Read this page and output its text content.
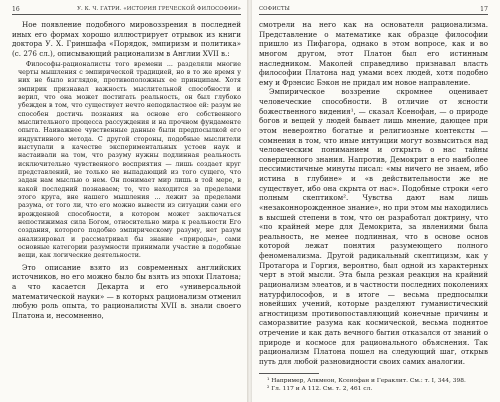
16	У. К. Ч. ГАТРИ. «ИСТОРИЯ ГРЕЧЕСКОЙ ФИЛОСОФИИ»

Ное появление подобного мировоззрения в последней иных его формах хорошо иллюстрирует отрывок из книги доктора У. Х. Гриншафа «Порядок, эмпиризм и политика» (с. 276 сл.), описывающий рационализм в Англии XVII в.:

Философы-рационалисты того времени ... разделяли многие черты мышления с эмпирической традицией, но в то же время у них не было взглядов, противоположных ее принципам. Хотя эмпирик признавал важность мыслительной способности и верил, что она может постигать реальность, он был глубоко убежден в том, что существует нечто неподвластное ей: разум не способен достичь познания на основе его собственного мыслительного процесса рассуждения и на прочном фундаменте опыта. Наиважнее чувственные данные были предпосылкой его индуктивного метода. С другой стороны, подобные мыслители выступали в качестве экспериментальных устоев наук и настаивали на том, что разуму нужны подлинная реальность исключительно чувственного восприятия — лишь создает круг представлений, не только не выпадающий из того сущего, что задан нам мыслью о нем. Он понимает мир лишь в той мере, в какой последний познаваем; то, что находится за пределами этого круга, вне нашего мышления ... лежит за пределами разума, от того ли, что его можно вывести из ситуации сами его врожденной способности, в котором может заключаться непостижимая сила Богом, относительно мира к реальности Его создания, которого подобно эмпирическому разуму, нет разум анализировал и рассматривал бы знание «природы», сами основные категории разумности принимали участие в подобные вещи, как логические деятельности.

Это описание взято из современных английских источников, но его можно было бы взять из эпохи Платона; а что касается Декарта и его «универсальной математической науки» — в которых рационализм отменил любую роль опыта, то рационалисты XVII в. знали своего Платона и, несомненно,

СОФИСТЫ	17

смотрели на него как на основателя рационализма. Представление о математике как образце философии пришло из Пифагора, однако в этом вопросе, как и во многом другом, этот Платон был его истинным наследником. Маколей справедливо признавал власть философии Платона над умами всех людей, хотя подобно ему и Фрэнсис Бэкон не придал им новое направление.

Эмпирическое воззрение скромнее оценивает человеческие способности. В отличие от ясности божественного видения¹, — сказал Ксенофан, — о природе богов и вещей у людей бывает лишь мнение, дающее при этом невероятно богатые и религиозные контексты — сомнения в том, что иные интуиции могут возвыситься над человеческим пониманием и открыть о нас тайны совершенного знания. Напротив, Демокрит в его наиболее пессимистичные минуты писал: «мы ничего не знаем, ибо истина в глубине» и «в действительности же не существует, ибо она скрыта от нас». Подобные строки «его полным скептиком². Чувства дают нам лишь «незаконнорожденное знание», но при этом мы находились в высшей степени в том, что он разработал доктрину, что «по крайней мере для Демокрита, за явлениями была реальность, не менее подлинная, что в основе основ которой лежат понятия разумеющего полного феноменализма. Другой радикальный скептицизм, как у Протагора и Горгия, вероятно, был одной из характерных черт в этой мысли. Эта была резкая реакция на крайний рационализм элеатов, и в частности последних поколениях натурфилософов, и в итоге — весьма предпосылки новейших учений, которые разделяют гуманистический агностицизм противопоставляющий конечные причины и саморазвитие разума как космической, весьма поднятое отречение и как дать вечного бытия отказался от знаний о природе и космосе для рационального объяснения. Так рационализм Платона пошел на следующий шаг, открыв путь для любой разновидности своих самих аналогии.

¹ Например, Алкмеон, Ксенофан и Гераклит. См.: т. I, 344, 398.

² Гл. 117 и А 112. См. т. 2, 461 сл.
